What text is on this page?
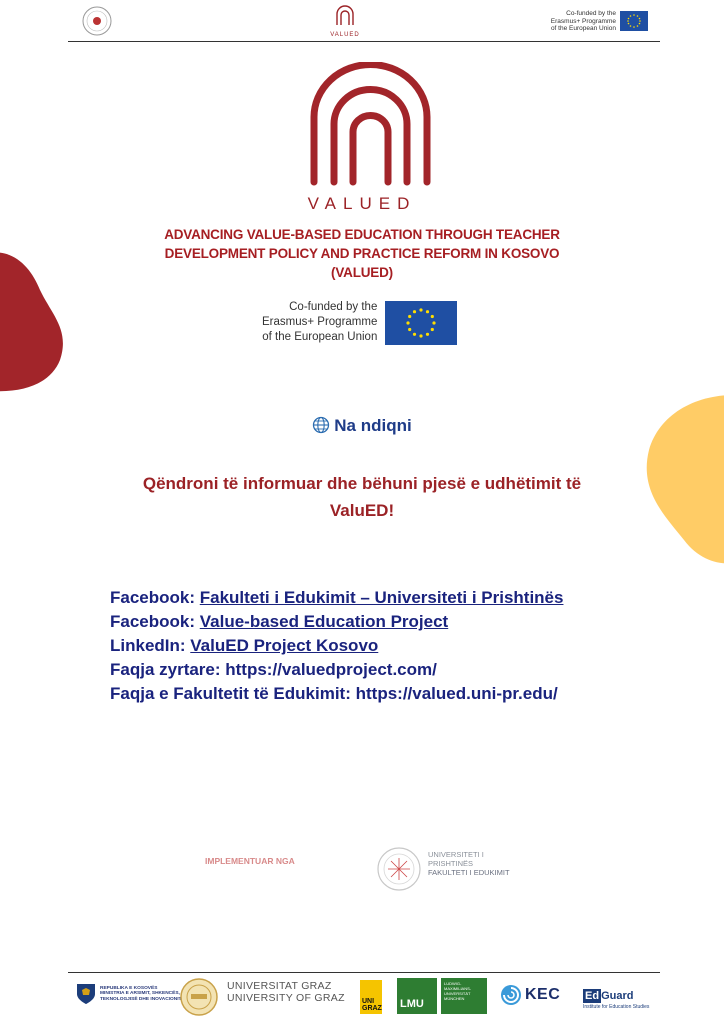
VALUED
Co-funded by the
Erasmus+ Programme
of the European Union
VALUED
ADVANCING VALUE-BASED EDUCATION THROUGH TEACHER
DEVELOPMENT POLICY AND PRACTICE REFORM IN KOSOVO
(VALUED)
Co-funded by the
Erasmus+ Programme
of the European Union
Na ndiqni
Qëndroni të informuar dhe bëhuni pjesë e udhëtimit të
ValuED!
Facebook: Fakulteti i Edukimit – Universiteti i Prishtinës
Facebook: Value-based Education Project
LinkedIn: ValuED Project Kosovo
Faqja zyrtare: https://valuedproject.com/
Faqja e Fakultetit të Edukimit: https://valued.uni-pr.edu/
IMPLEMENTUAR NGA
UNIVERSITETI I
PRISHTINËS
FAKULTETI I EDUKIMIT
REPUBLIKA E KOSOVËS
MINISTRIA E ARSIMIT, SHKENCËS,
TEKNOLOGJISË DHE INOVACIONIT
UNIVERSITAT GRAZ
UNIVERSITY OF GRAZ UNI GRAZ LMU
LUDWIG-
MAXIMILIANS-
UNIVERSITÄT
MÜNCHEN	KEC Ed Guard
Institute for Education Studies
